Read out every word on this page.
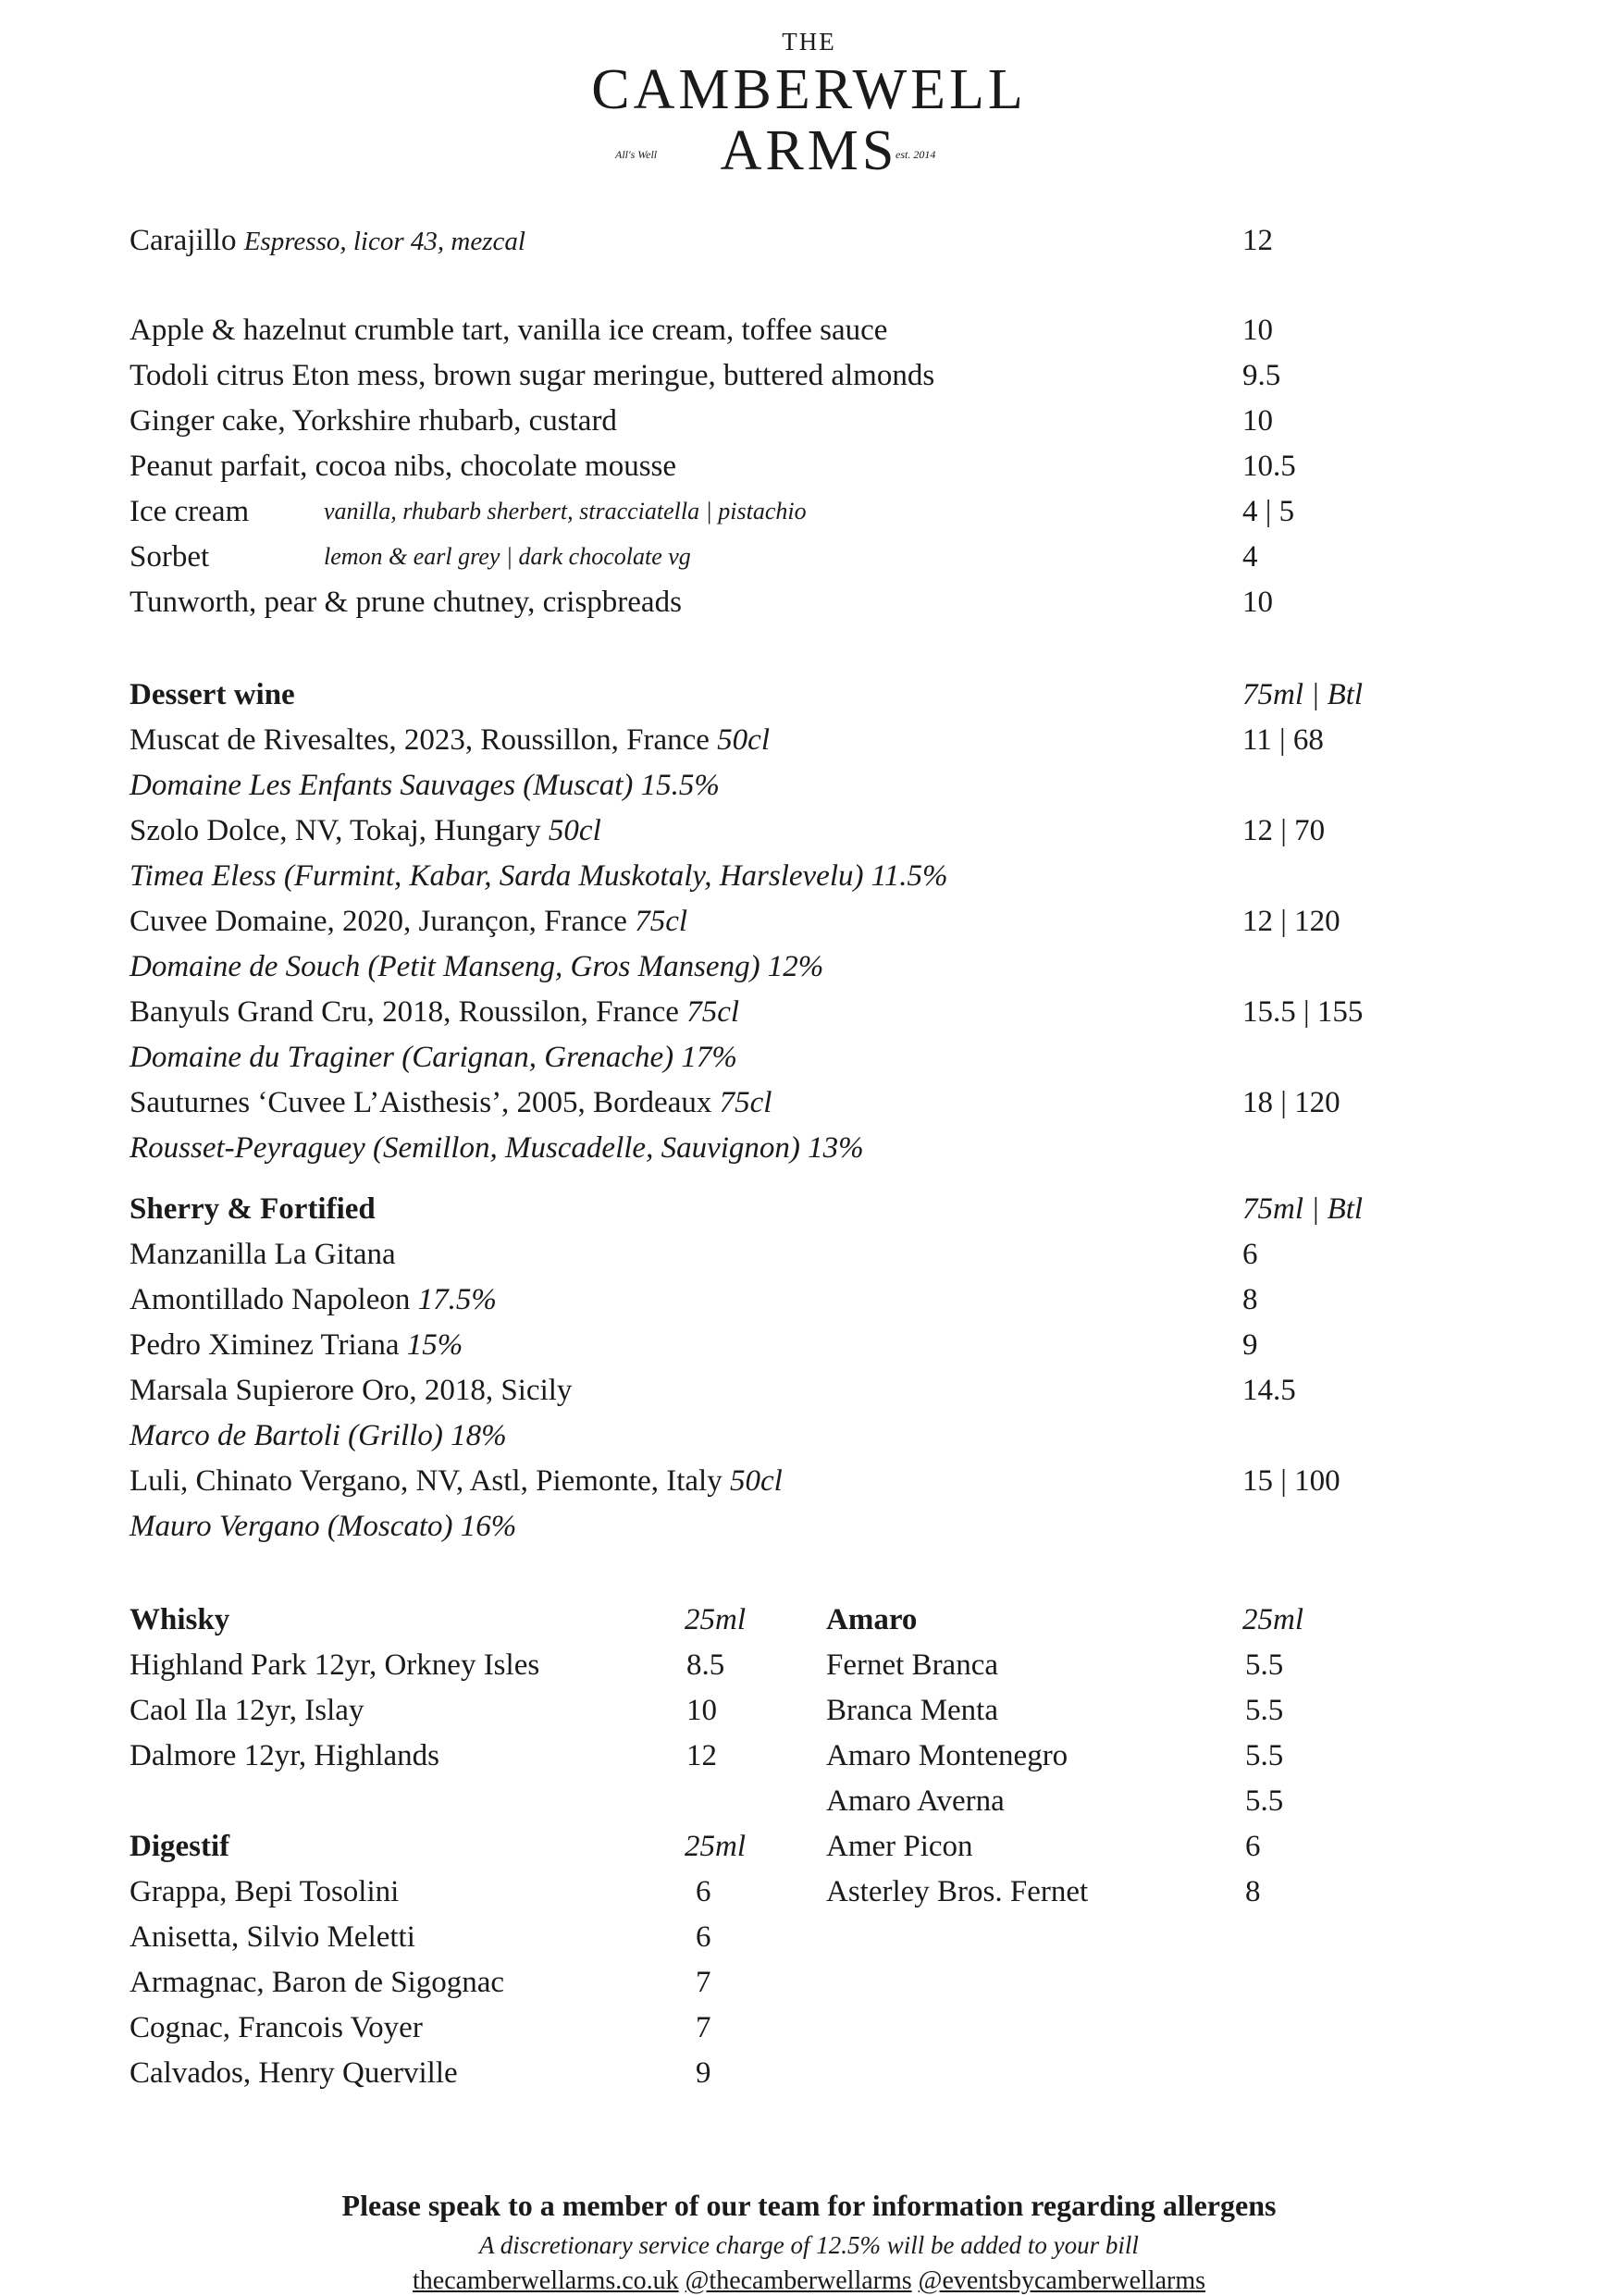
THE
CAMBERWELL
ARMS
All's Well	est. 2014
Carajillo Espresso, licor 43, mezcal	12
Apple & hazelnut crumble tart, vanilla ice cream, toffee sauce	10
Todoli citrus Eton mess, brown sugar meringue, buttered almonds	9.5
Ginger cake, Yorkshire rhubarb, custard	10
Peanut parfait, cocoa nibs, chocolate mousse	10.5
Ice cream	vanilla, rhubarb sherbert, stracciatella | pistachio	4 | 5
Sorbet	lemon & earl grey | dark chocolate vg	4
Tunworth, pear & prune chutney, crispbreads	10
Dessert wine	75ml | Btl
Muscat de Rivesaltes, 2023, Roussillon, France 50cl	11 | 68
Domaine Les Enfants Sauvages (Muscat) 15.5%
Szolo Dolce, NV, Tokaj, Hungary 50cl	12 | 70
Timea Eless (Furmint, Kabar, Sarda Muskotaly, Harslevelu) 11.5%
Cuvee Domaine, 2020, Jurançon, France 75cl	12 | 120
Domaine de Souch (Petit Manseng, Gros Manseng) 12%
Banyuls Grand Cru, 2018, Roussilon, France 75cl	15.5 | 155
Domaine du Traginer (Carignan, Grenache) 17%
Sauturnes ‘Cuvee L’Aisthesis’, 2005, Bordeaux 75cl	18 | 120
Rousset-Peyraguey (Semillon, Muscadelle, Sauvignon) 13%
Sherry & Fortified	75ml | Btl
Manzanilla La Gitana	6
Amontillado Napoleon 17.5%	8
Pedro Ximinez Triana 15%	9
Marsala Supierore Oro, 2018, Sicily	14.5
Marco de Bartoli (Grillo) 18%
Luli, Chinato Vergano, NV, Astl, Piemonte, Italy 50cl	15 | 100
Mauro Vergano (Moscato) 16%
Whisky	25ml
Highland Park 12yr, Orkney Isles	8.5
Caol Ila 12yr, Islay	10
Dalmore 12yr, Highlands	12
Digestif	25ml
Grappa, Bepi Tosolini	6
Anisetta, Silvio Meletti	6
Armagnac, Baron de Sigognac	7
Cognac, Francois Voyer	7
Calvados, Henry Querville	9
Amaro	25ml
Fernet Branca	5.5
Branca Menta	5.5
Amaro Montenegro	5.5
Amaro Averna	5.5
Amer Picon	6
Asterley Bros. Fernet	8
Please speak to a member of our team for information regarding allergens
A discretionary service charge of 12.5% will be added to your bill
thecamberwellarms.co.uk @thecamberwellarms @eventsbycamberwellarms
